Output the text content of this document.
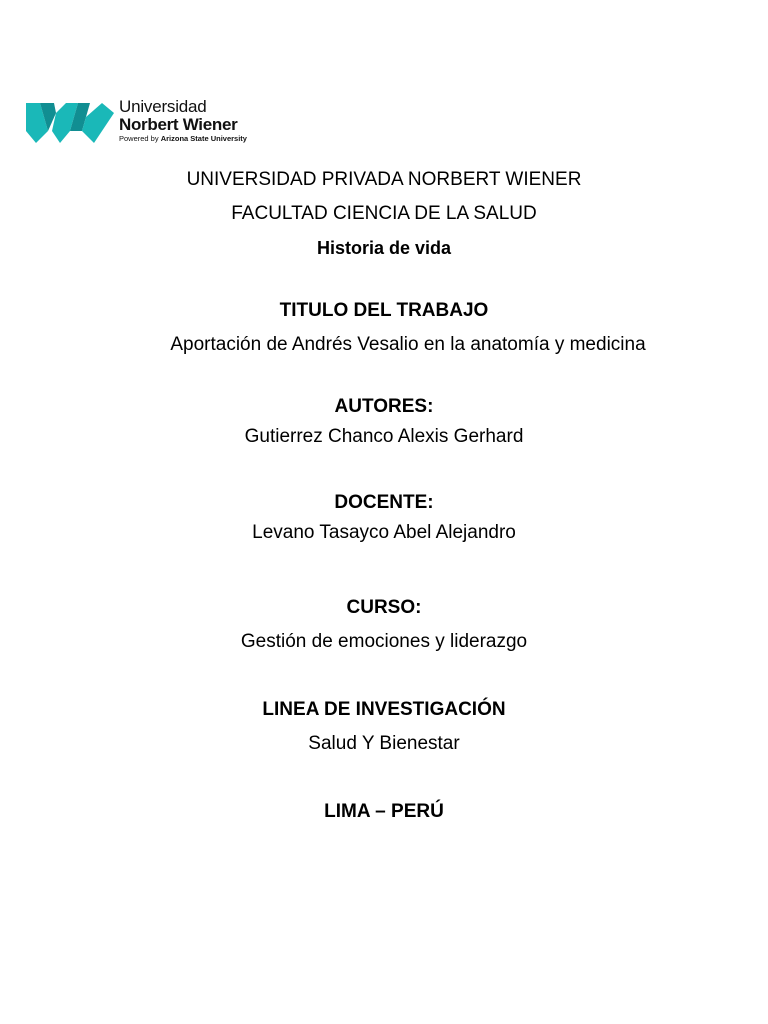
Universidad
Norbert Wiener
Powered by Arizona State University
UNIVERSIDAD PRIVADA NORBERT WIENER
FACULTAD CIENCIA DE LA SALUD
Historia de vida
TITULO DEL TRABAJO
Aportación de Andrés Vesalio en la anatomía y medicina
AUTORES:
Gutierrez Chanco Alexis Gerhard
DOCENTE:
Levano Tasayco Abel Alejandro
CURSO:
Gestión de emociones y liderazgo
LINEA DE INVESTIGACIÓN
Salud Y Bienestar
LIMA – PERÚ
